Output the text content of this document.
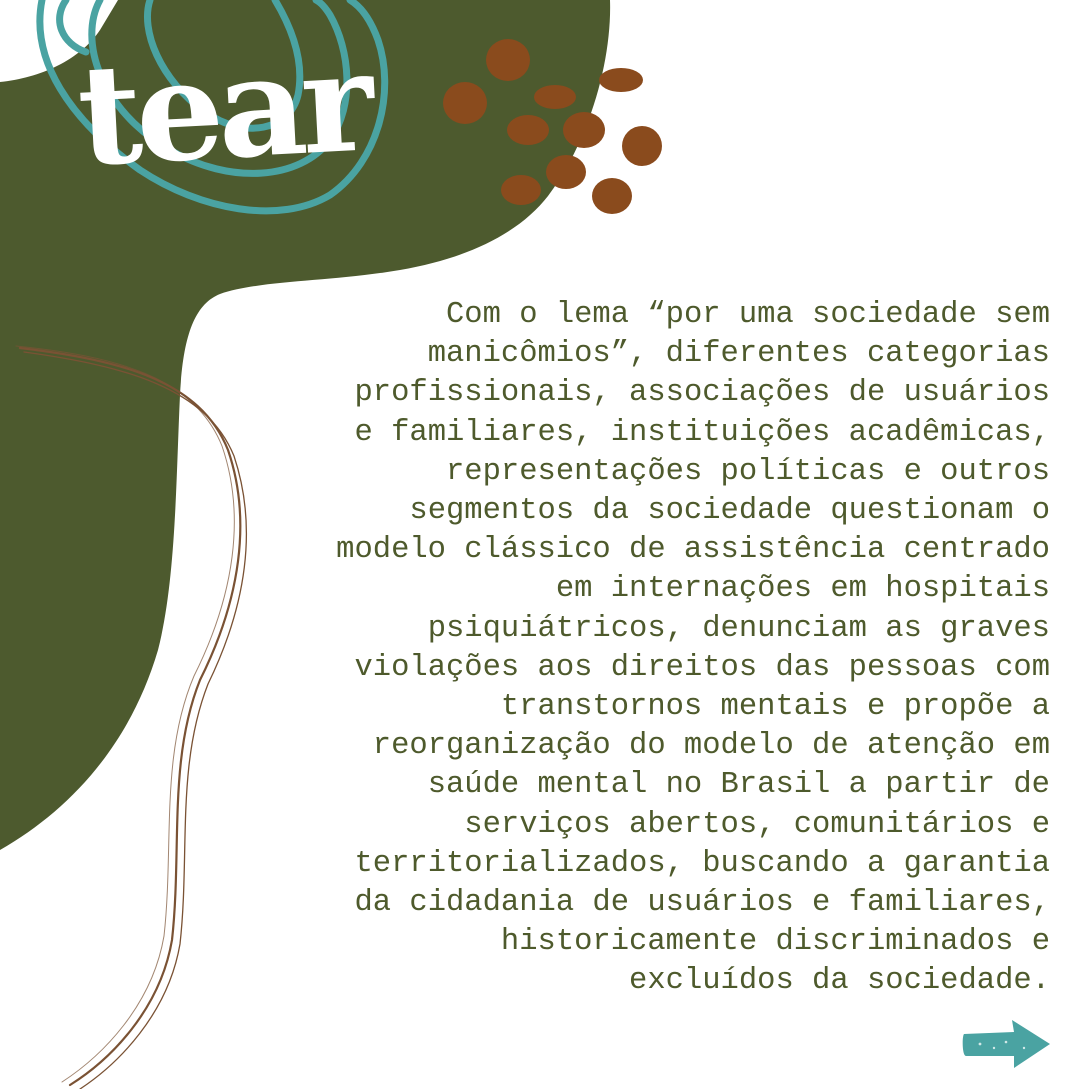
tear
Com o lema “por uma sociedade sem
manicômios”, diferentes categorias
profissionais, associações de usuários
e familiares, instituições acadêmicas,
representações políticas e outros
segmentos da sociedade questionam o
modelo clássico de assistência centrado
em internações em hospitais
psiquiátricos, denunciam as graves
violações aos direitos das pessoas com
transtornos mentais e propõe a
reorganização do modelo de atenção em
saúde mental no Brasil a partir de
serviços abertos, comunitários e
territorializados, buscando a garantia
da cidadania de usuários e familiares,
historicamente discriminados e
excluídos da sociedade.
